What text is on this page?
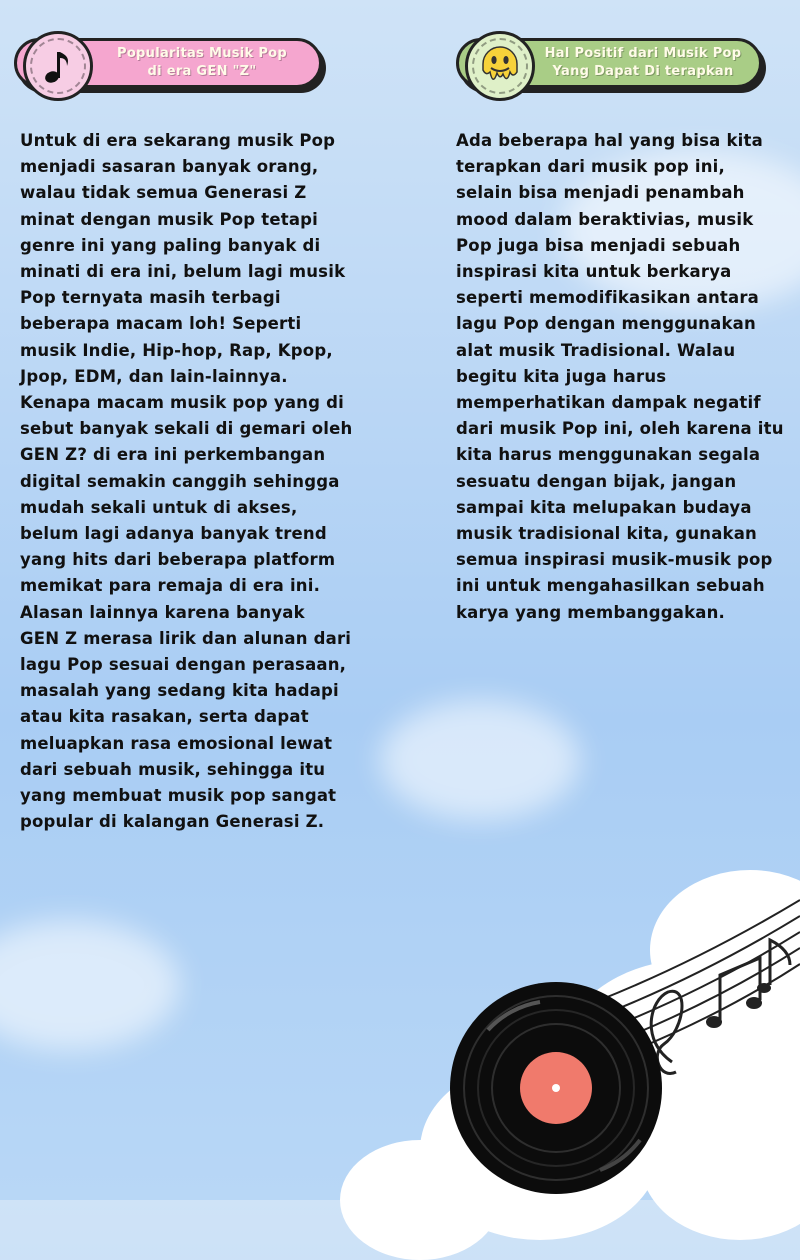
Popularitas Musik Pop
di era GEN "Z"
Hal Positif dari Musik Pop
Yang Dapat Di terapkan

Untuk di era sekarang musik Pop
menjadi sasaran banyak orang,
walau tidak semua Generasi Z
minat dengan musik Pop tetapi
genre ini yang paling banyak di
minati di era ini, belum lagi musik
Pop ternyata masih terbagi
beberapa macam loh! Seperti
musik Indie, Hip-hop, Rap, Kpop,
Jpop, EDM, dan lain-lainnya.
Kenapa macam musik pop yang di
sebut banyak sekali di gemari oleh
GEN Z? di era ini perkembangan
digital semakin canggih sehingga
mudah sekali untuk di akses,
belum lagi adanya banyak trend
yang hits dari beberapa platform
memikat para remaja di era ini.
Alasan lainnya karena banyak
GEN Z merasa lirik dan alunan dari
lagu Pop sesuai dengan perasaan,
masalah yang sedang kita hadapi
atau kita rasakan, serta dapat
meluapkan rasa emosional lewat
dari sebuah musik, sehingga itu
yang membuat musik pop sangat
popular di kalangan Generasi Z.

Ada beberapa hal yang bisa kita
terapkan dari musik pop ini,
selain bisa menjadi penambah
mood dalam beraktivias, musik
Pop juga bisa menjadi sebuah
inspirasi kita untuk berkarya
seperti memodifikasikan antara
lagu Pop dengan menggunakan
alat musik Tradisional. Walau
begitu kita juga harus
memperhatikan dampak negatif
dari musik Pop ini, oleh karena itu
kita harus menggunakan segala
sesuatu dengan bijak, jangan
sampai kita melupakan budaya
musik tradisional kita, gunakan
semua inspirasi musik-musik pop
ini untuk mengahasilkan sebuah
karya yang membanggakan.
